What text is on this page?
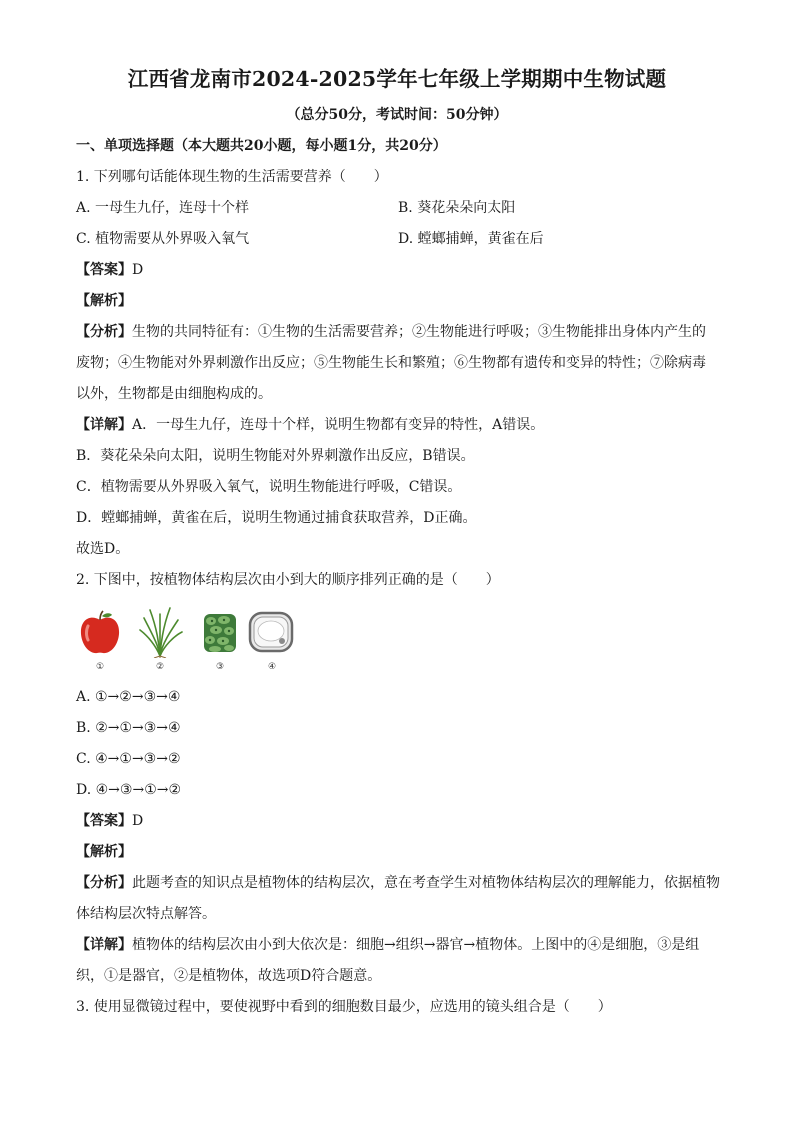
江西省龙南市2024-2025学年七年级上学期期中生物试题
（总分50分，考试时间：50分钟）
一、单项选择题（本大题共20小题，每小题1分，共20分）
1. 下列哪句话能体现生物的生活需要营养（　　）
A. 一母生九仔，连母十个样	B. 葵花朵朵向太阳
C. 植物需要从外界吸入氧气	D. 螳螂捕蝉，黄雀在后
【答案】D
【解析】
【分析】生物的共同特征有：①生物的生活需要营养；②生物能进行呼吸；③生物能排出身体内产生的
废物；④生物能对外界刺激作出反应；⑤生物能生长和繁殖；⑥生物都有遗传和变异的特性；⑦除病毒
以外，生物都是由细胞构成的。
【详解】A．一母生九仔，连母十个样，说明生物都有变异的特性，A错误。
B．葵花朵朵向太阳，说明生物能对外界刺激作出反应，B错误。
C．植物需要从外界吸入氧气，说明生物能进行呼吸，C错误。
D．螳螂捕蝉，黄雀在后，说明生物通过捕食获取营养，D正确。
故选D。
2. 下图中，按植物体结构层次由小到大的顺序排列正确的是（　　）
①	②	③	④
A. ①→②→③→④
B. ②→①→③→④
C. ④→①→③→②
D. ④→③→①→②
【答案】D
【解析】
【分析】此题考查的知识点是植物体的结构层次，意在考查学生对植物体结构层次的理解能力，依据植物
体结构层次特点解答。
【详解】植物体的结构层次由小到大依次是：细胞→组织→器官→植物体。上图中的④是细胞，③是组
织，①是器官，②是植物体，故选项D符合题意。
3. 使用显微镜过程中，要使视野中看到的细胞数目最少，应选用的镜头组合是（　　）
